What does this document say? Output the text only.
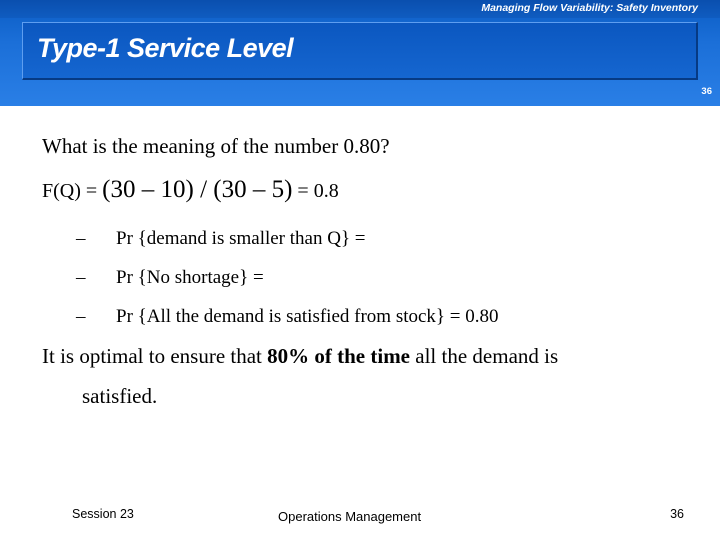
Managing Flow Variability: Safety Inventory
Type-1 Service Level
36
What is the meaning of the number 0.80?
F(Q) = (30 – 10) / (30 – 5) = 0.8
– Pr {demand is smaller than Q} =
– Pr {No shortage} =
– Pr {All the demand is satisfied from stock} = 0.80
It is optimal to ensure that 80% of the time all the demand is
satisfied.
Session 23	Operations Management	36
